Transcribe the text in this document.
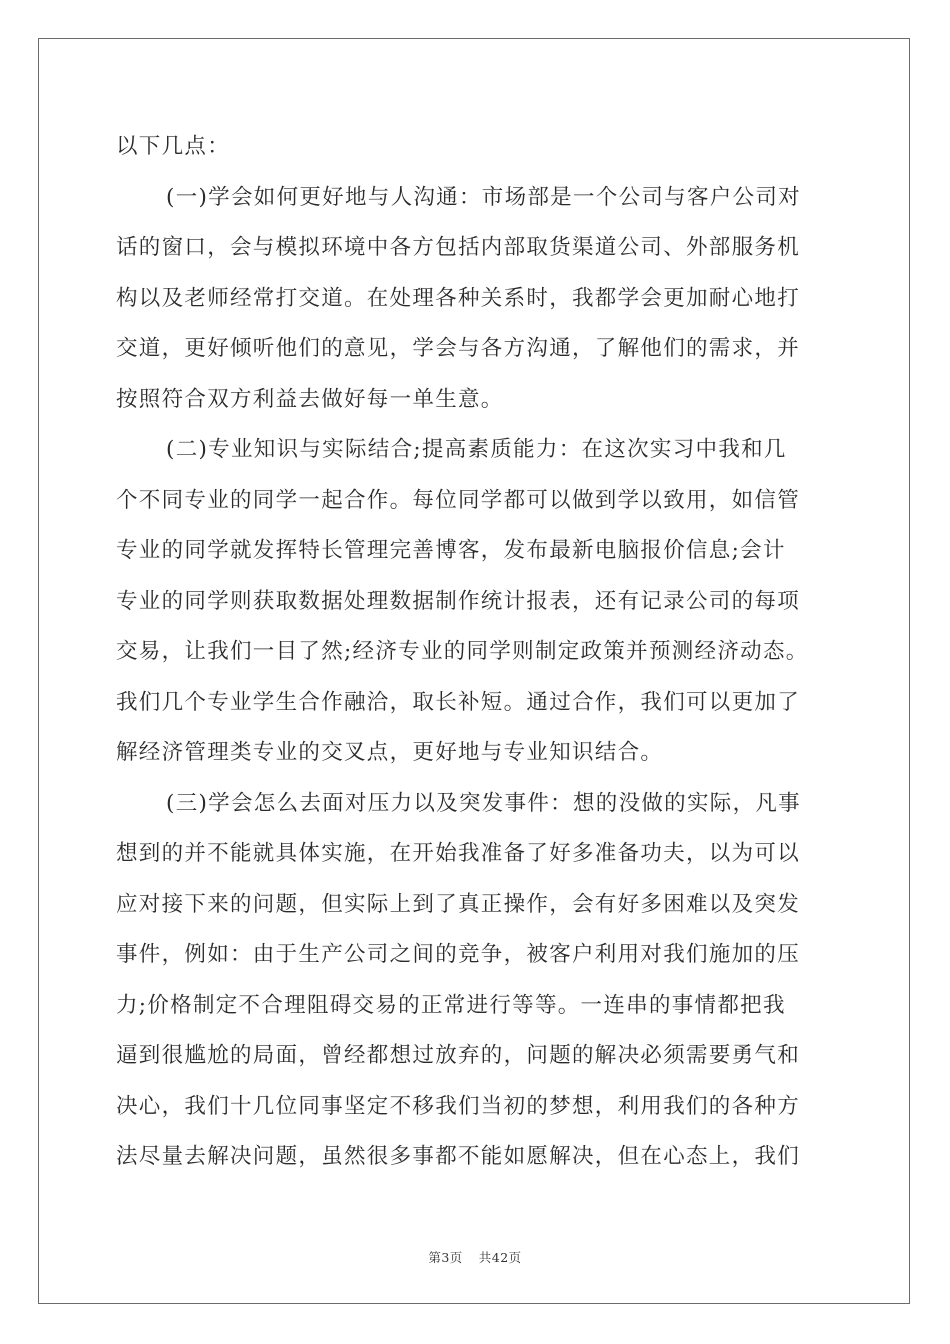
以下几点：
(一)学会如何更好地与人沟通：市场部是一个公司与客户公司对
话的窗口，会与模拟环境中各方包括内部取货渠道公司、外部服务机
构以及老师经常打交道。在处理各种关系时，我都学会更加耐心地打
交道，更好倾听他们的意见，学会与各方沟通，了解他们的需求，并
按照符合双方利益去做好每一单生意。
(二)专业知识与实际结合;提高素质能力：在这次实习中我和几
个不同专业的同学一起合作。每位同学都可以做到学以致用，如信管
专业的同学就发挥特长管理完善博客，发布最新电脑报价信息;会计
专业的同学则获取数据处理数据制作统计报表，还有记录公司的每项
交易，让我们一目了然;经济专业的同学则制定政策并预测经济动态。
我们几个专业学生合作融洽，取长补短。通过合作，我们可以更加了
解经济管理类专业的交叉点，更好地与专业知识结合。
(三)学会怎么去面对压力以及突发事件：想的没做的实际，凡事
想到的并不能就具体实施，在开始我准备了好多准备功夫，以为可以
应对接下来的问题，但实际上到了真正操作，会有好多困难以及突发
事件，例如：由于生产公司之间的竞争，被客户利用对我们施加的压
力;价格制定不合理阻碍交易的正常进行等等。一连串的事情都把我
逼到很尴尬的局面，曾经都想过放弃的，问题的解决必须需要勇气和
决心，我们十几位同事坚定不移我们当初的梦想，利用我们的各种方
法尽量去解决问题，虽然很多事都不能如愿解决，但在心态上，我们
第3页 共42页
